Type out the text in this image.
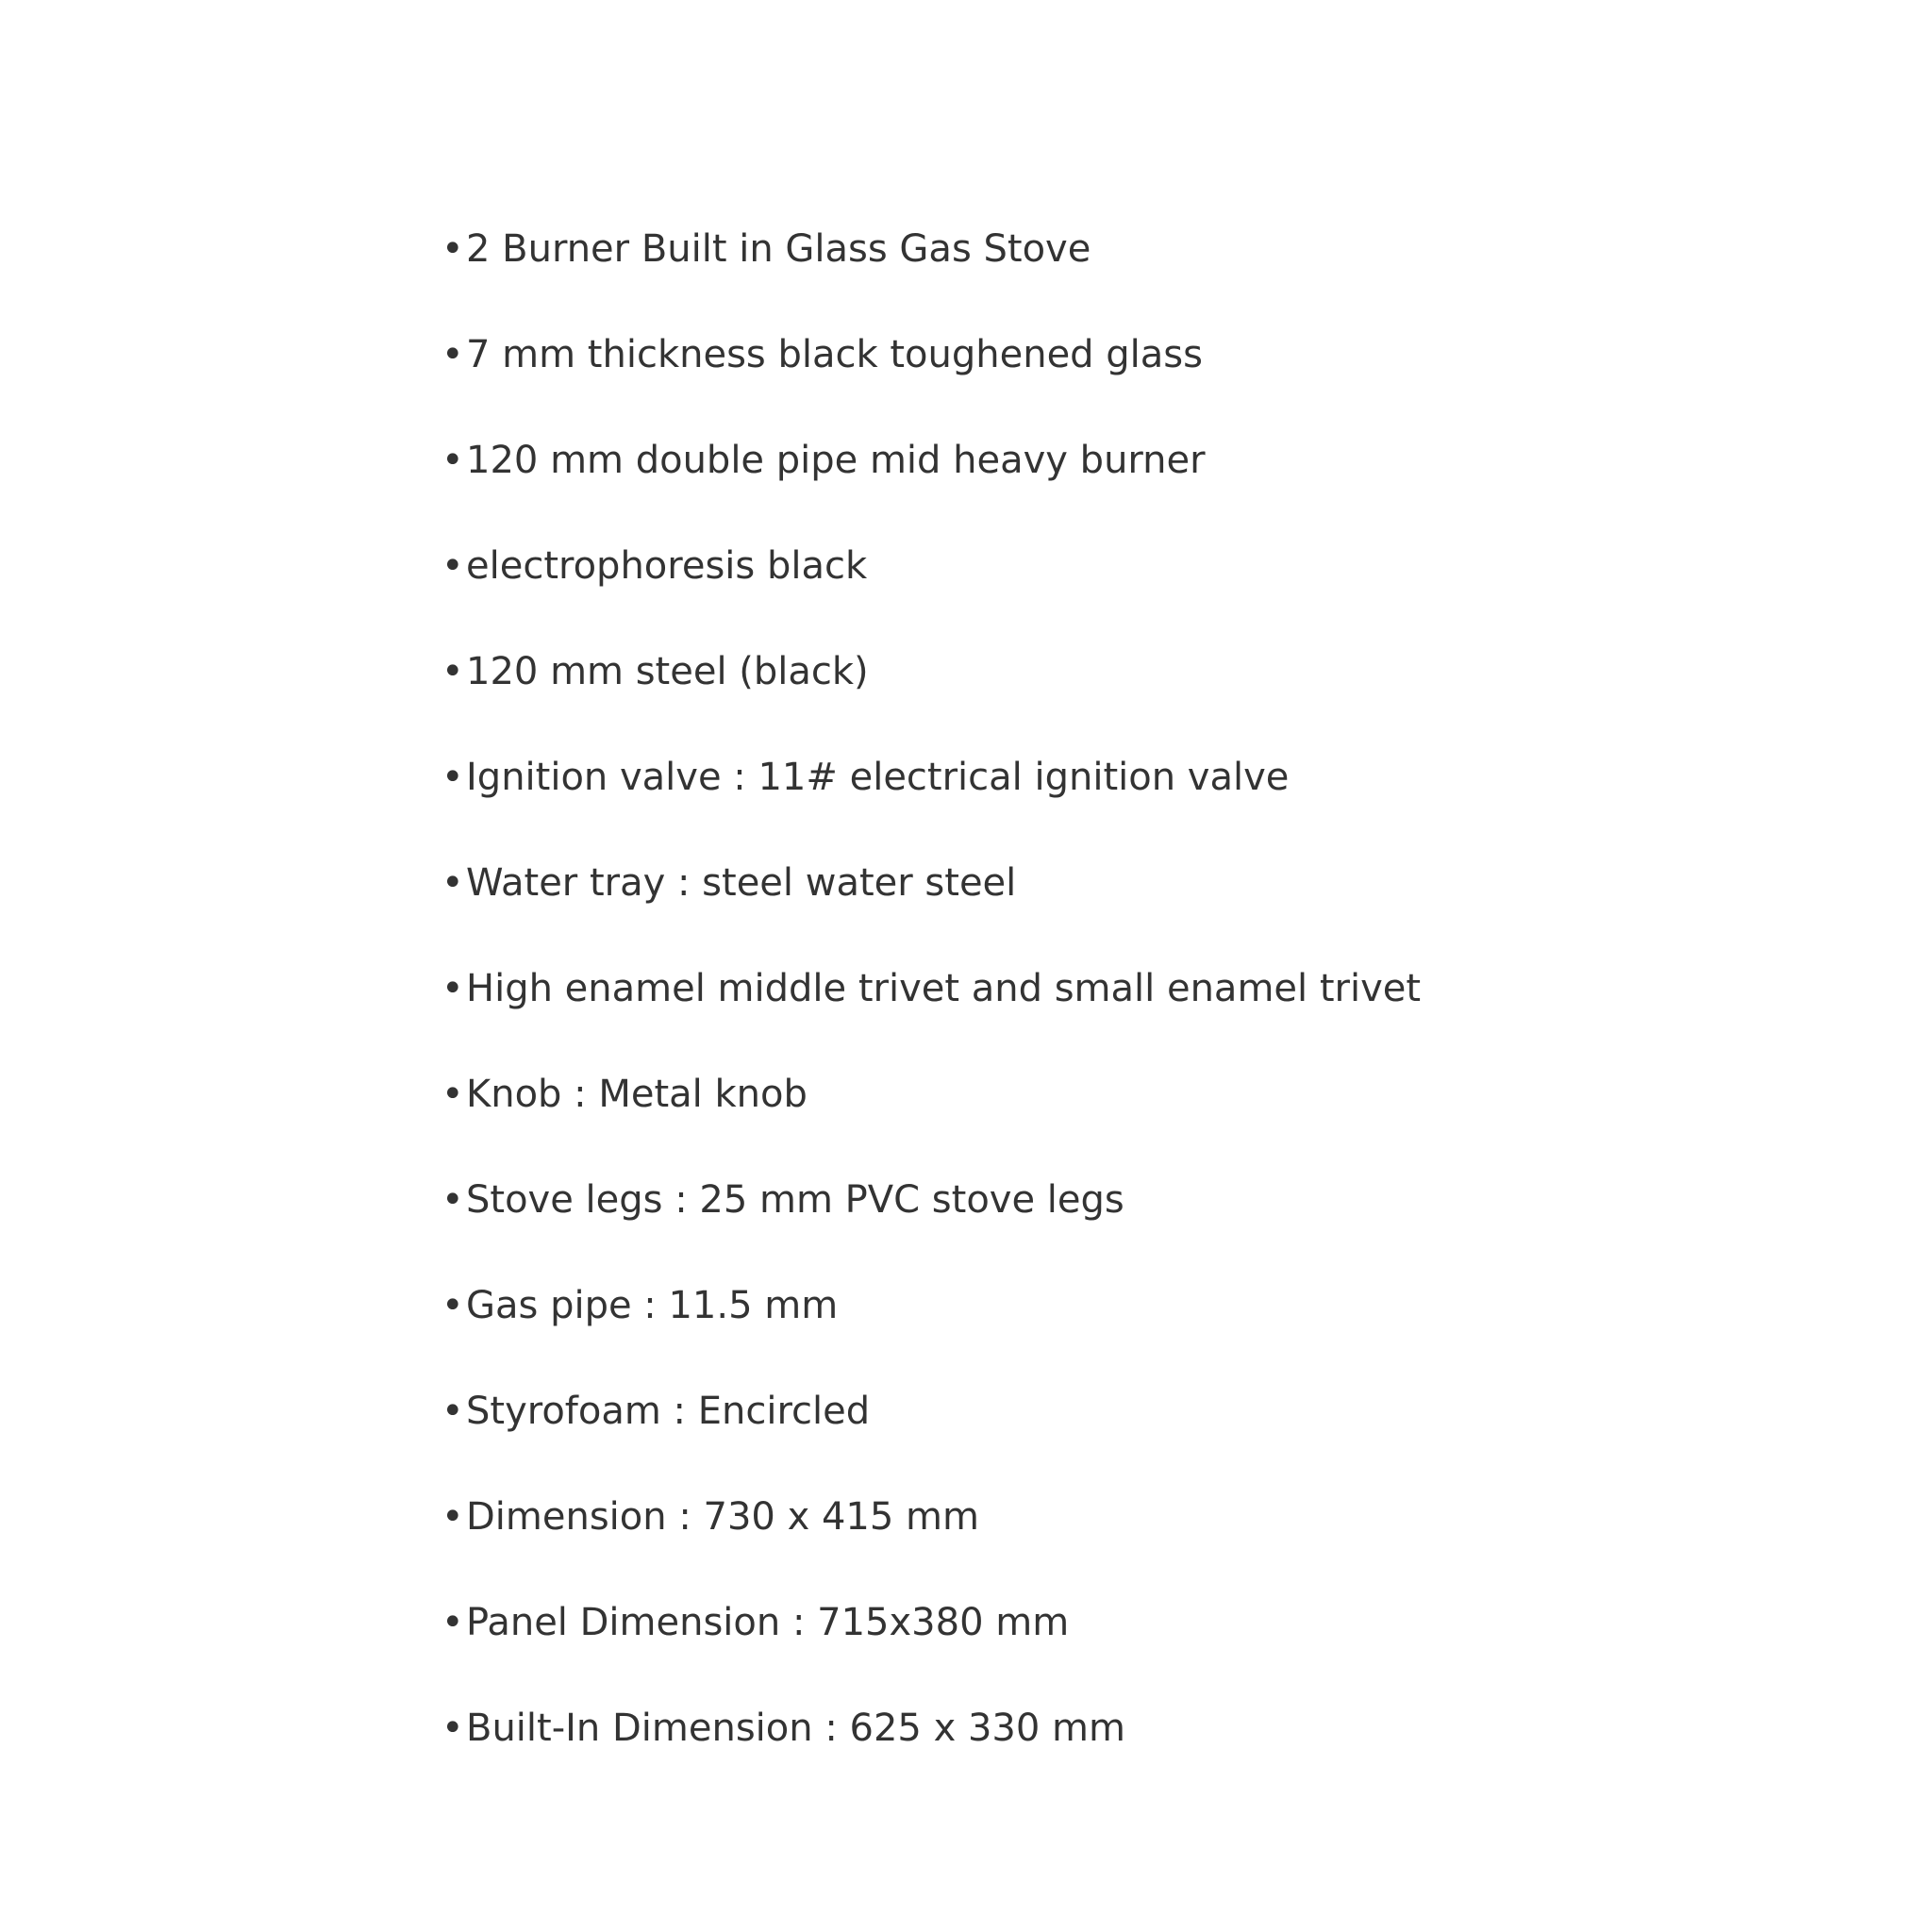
• 2 Burner Built in Glass Gas Stove
• 7 mm thickness black toughened glass
• 120 mm double pipe mid heavy burner
• electrophoresis black
• 120 mm steel (black)
• Ignition valve : 11# electrical ignition valve
• Water tray : steel water steel
• High enamel middle trivet and small enamel trivet
• Knob : Metal knob
• Stove legs : 25 mm PVC stove legs
• Gas pipe : 11.5 mm
• Styrofoam : Encircled
• Dimension : 730 x 415 mm
• Panel Dimension : 715x380 mm
• Built-In Dimension : 625 x 330 mm
